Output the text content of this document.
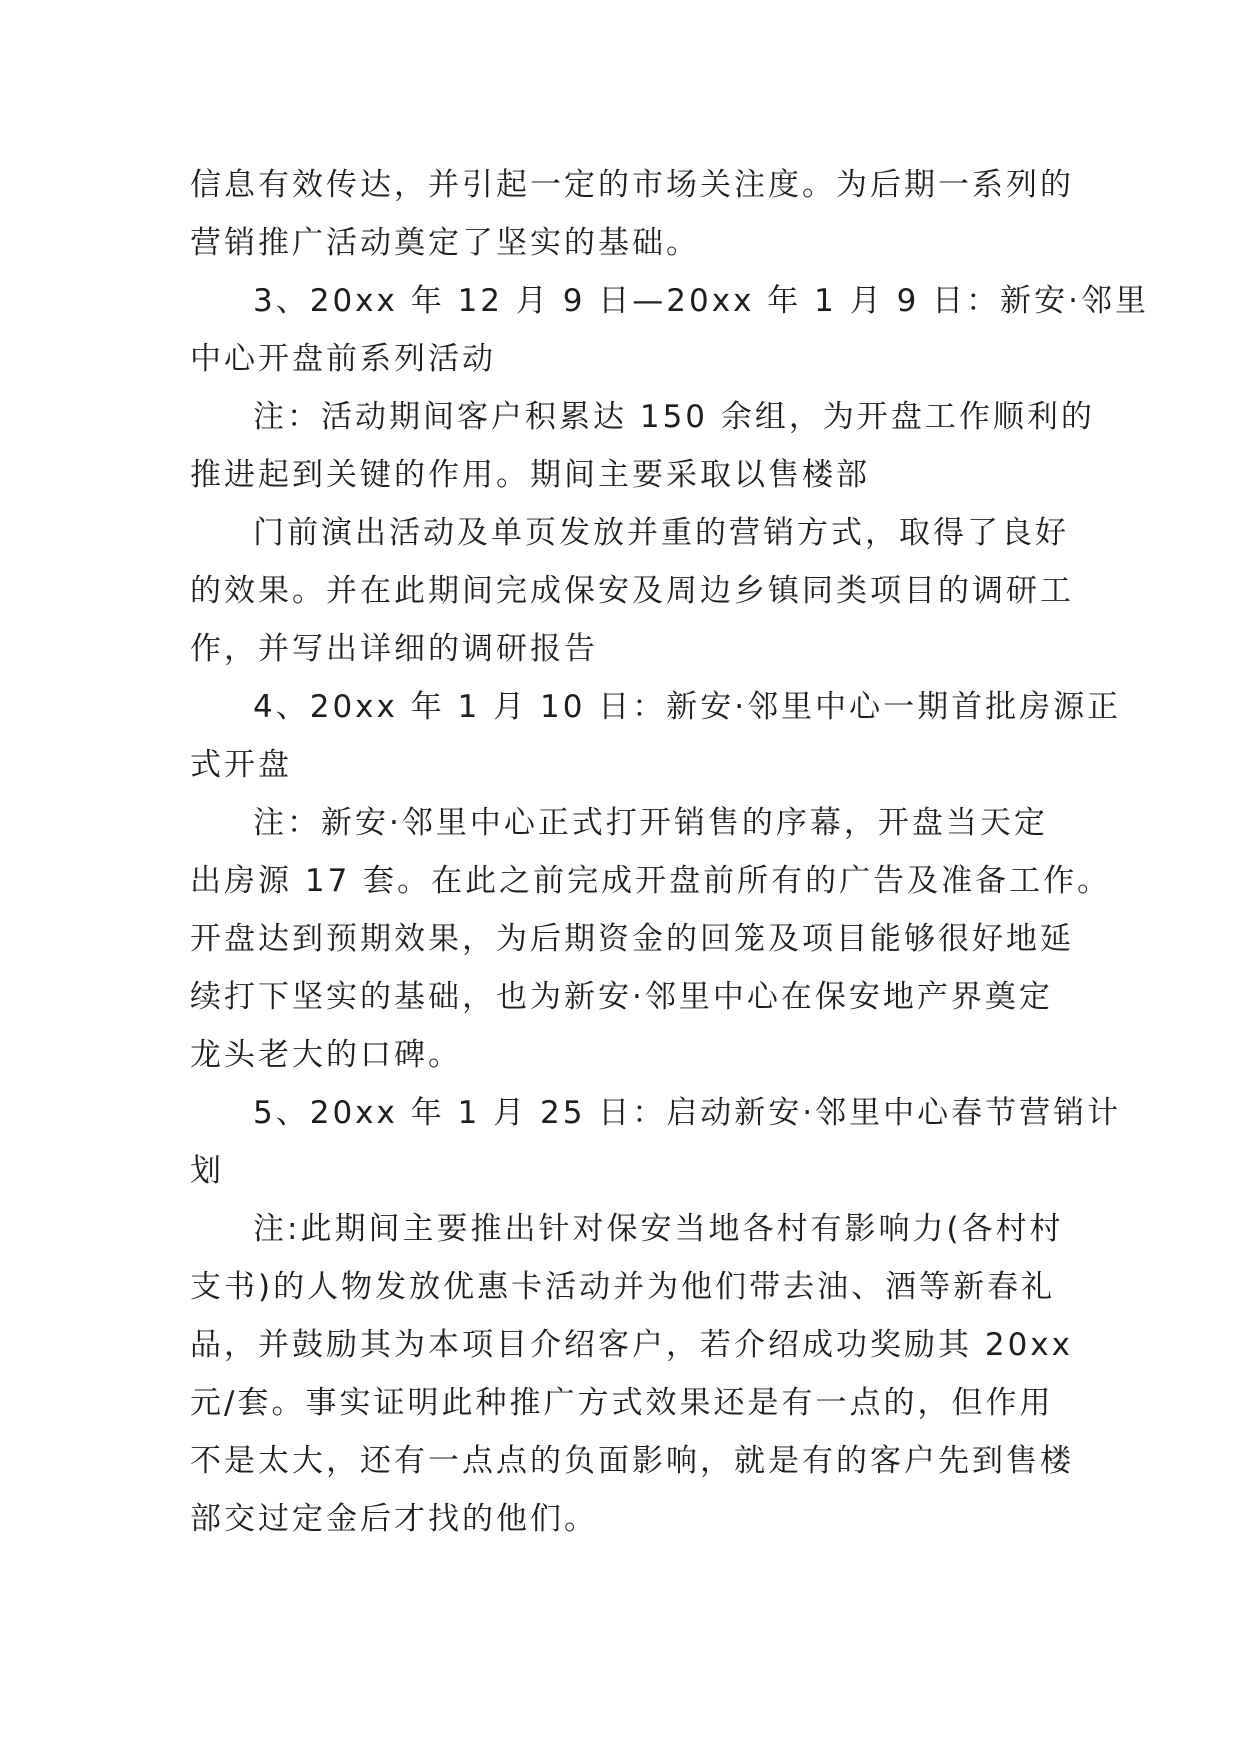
信息有效传达，并引起一定的市场关注度。为后期一系列的
营销推广活动奠定了坚实的基础。
3、20xx 年 12 月 9 日—20xx 年 1 月 9 日：新安·邻里
中心开盘前系列活动
注：活动期间客户积累达 150 余组，为开盘工作顺利的
推进起到关键的作用。期间主要采取以售楼部
门前演出活动及单页发放并重的营销方式，取得了良好
的效果。并在此期间完成保安及周边乡镇同类项目的调研工
作，并写出详细的调研报告
4、20xx 年 1 月 10 日：新安·邻里中心一期首批房源正
式开盘
注：新安·邻里中心正式打开销售的序幕，开盘当天定
出房源 17 套。在此之前完成开盘前所有的广告及准备工作。
开盘达到预期效果，为后期资金的回笼及项目能够很好地延
续打下坚实的基础，也为新安·邻里中心在保安地产界奠定
龙头老大的口碑。
5、20xx 年 1 月 25 日：启动新安·邻里中心春节营销计
划
注:此期间主要推出针对保安当地各村有影响力(各村村
支书)的人物发放优惠卡活动并为他们带去油、酒等新春礼
品，并鼓励其为本项目介绍客户，若介绍成功奖励其 20xx
元/套。事实证明此种推广方式效果还是有一点的，但作用
不是太大，还有一点点的负面影响，就是有的客户先到售楼
部交过定金后才找的他们。
